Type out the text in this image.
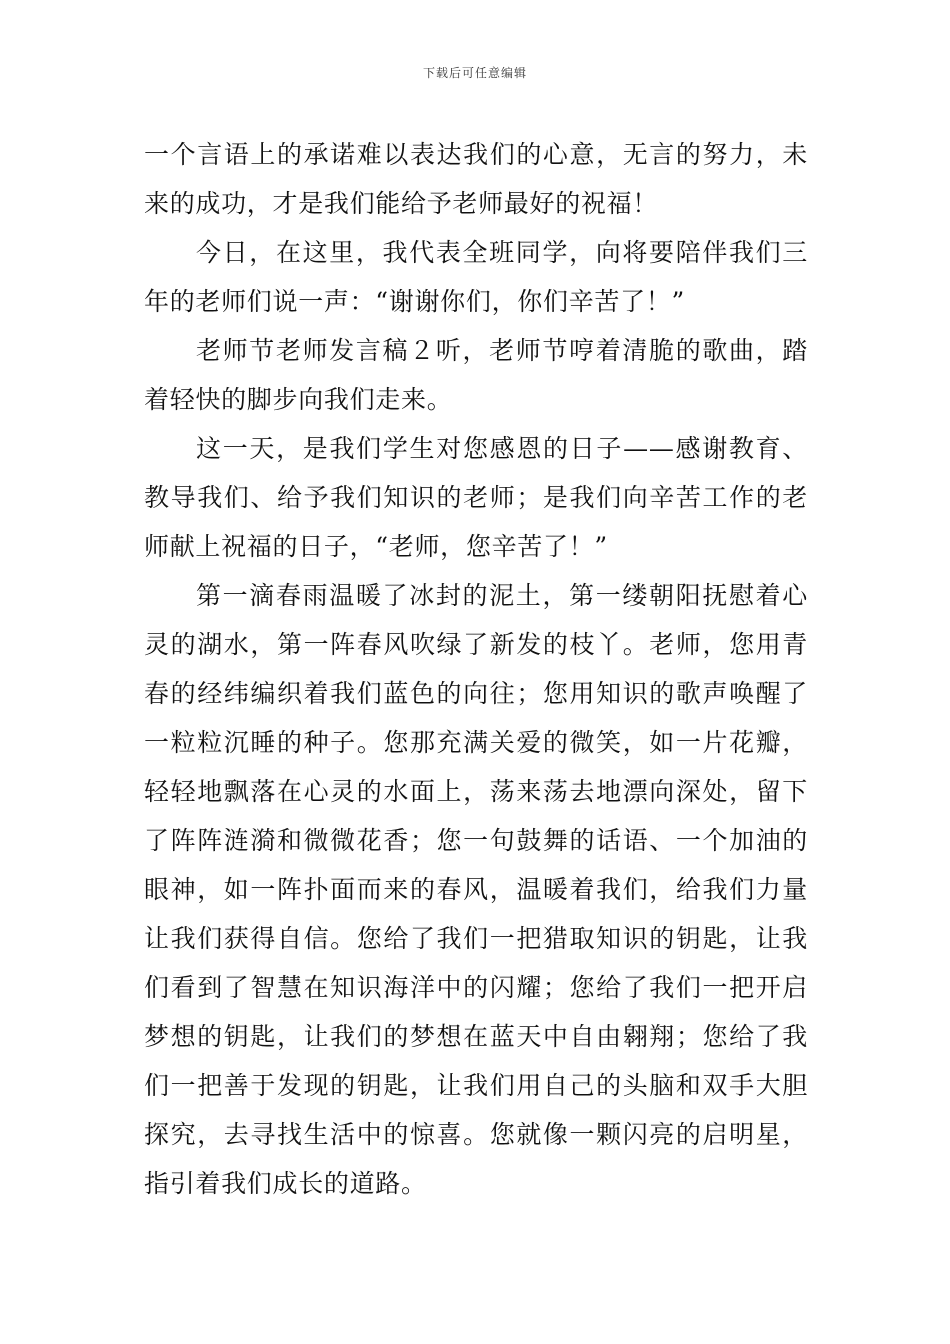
下载后可任意编辑

一个言语上的承诺难以表达我们的心意，无言的努力，未来的成功，才是我们能给予老师最好的祝福！

今日，在这里，我代表全班同学，向将要陪伴我们三年的老师们说一声：“谢谢你们，你们辛苦了！”

老师节老师发言稿２听，老师节哼着清脆的歌曲，踏着轻快的脚步向我们走来。

这一天，是我们学生对您感恩的日子——感谢教育、教导我们、给予我们知识的老师；是我们向辛苦工作的老师献上祝福的日子，“老师，您辛苦了！”

第一滴春雨温暖了冰封的泥土，第一缕朝阳抚慰着心灵的湖水，第一阵春风吹绿了新发的枝丫。老师，您用青春的经纬编织着我们蓝色的向往；您用知识的歌声唤醒了一粒粒沉睡的种子。您那充满关爱的微笑，如一片花瓣，轻轻地飘落在心灵的水面上，荡来荡去地漂向深处，留下了阵阵涟漪和微微花香；您一句鼓舞的话语、一个加油的眼神，如一阵扑面而来的春风，温暖着我们，给我们力量让我们获得自信。您给了我们一把猎取知识的钥匙，让我们看到了智慧在知识海洋中的闪耀；您给了我们一把开启梦想的钥匙，让我们的梦想在蓝天中自由翱翔；您给了我们一把善于发现的钥匙，让我们用自己的头脑和双手大胆探究，去寻找生活中的惊喜。您就像一颗闪亮的启明星，指引着我们成长的道路。
